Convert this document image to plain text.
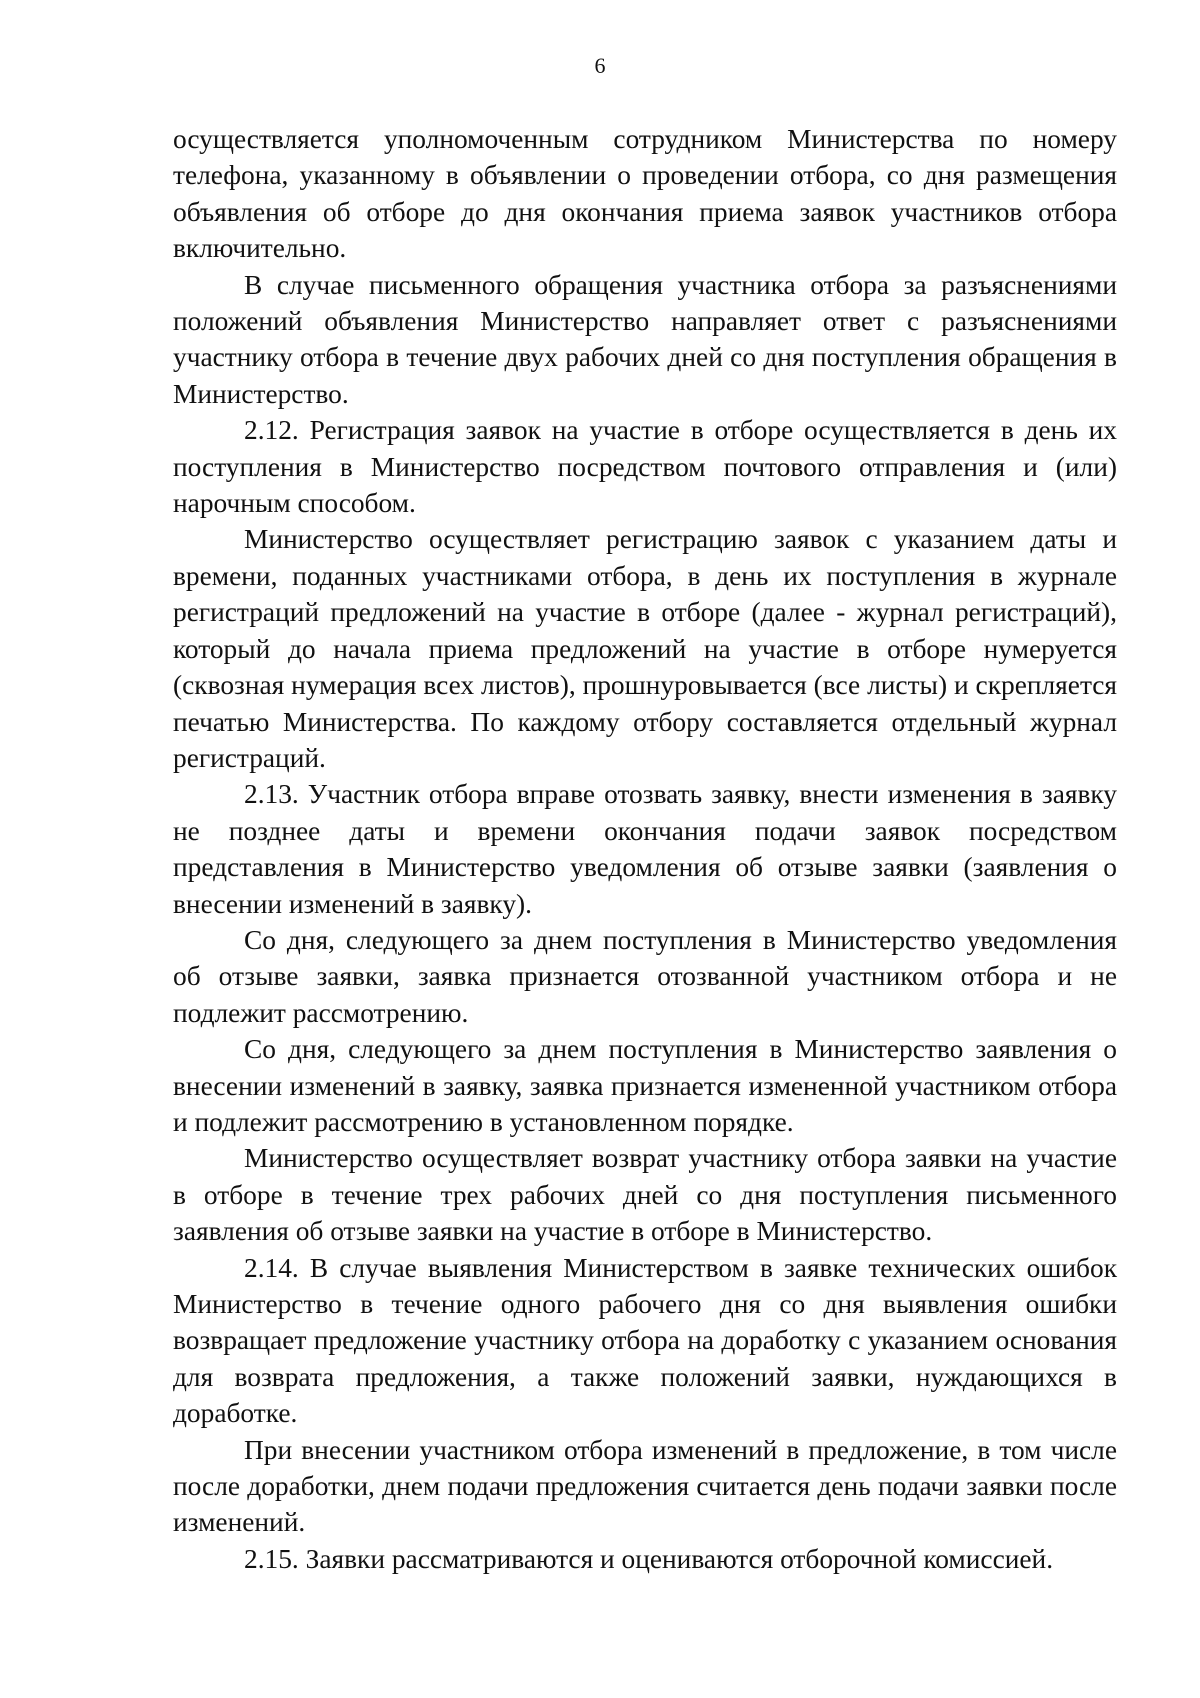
6

осуществляется уполномоченным сотрудником Министерства по номеру телефона, указанному в объявлении о проведении отбора, со дня размещения объявления об отборе до дня окончания приема заявок участников отбора включительно.

В случае письменного обращения участника отбора за разъяснениями положений объявления Министерство направляет ответ с разъяснениями участнику отбора в течение двух рабочих дней со дня поступления обращения в Министерство.

2.12. Регистрация заявок на участие в отборе осуществляется в день их поступления в Министерство посредством почтового отправления и (или) нарочным способом.

Министерство осуществляет регистрацию заявок с указанием даты и времени, поданных участниками отбора, в день их поступления в журнале регистраций предложений на участие в отборе (далее - журнал регистраций), который до начала приема предложений на участие в отборе нумеруется (сквозная нумерация всех листов), прошнуровывается (все листы) и скрепляется печатью Министерства. По каждому отбору составляется отдельный журнал регистраций.

2.13. Участник отбора вправе отозвать заявку, внести изменения в заявку не позднее даты и времени окончания подачи заявок посредством представления в Министерство уведомления об отзыве заявки (заявления о внесении изменений в заявку).

Со дня, следующего за днем поступления в Министерство уведомления об отзыве заявки, заявка признается отозванной участником отбора и не подлежит рассмотрению.

Со дня, следующего за днем поступления в Министерство заявления о внесении изменений в заявку, заявка признается измененной участником отбора и подлежит рассмотрению в установленном порядке.

Министерство осуществляет возврат участнику отбора заявки на участие в отборе в течение трех рабочих дней со дня поступления письменного заявления об отзыве заявки на участие в отборе в Министерство.

2.14. В случае выявления Министерством в заявке технических ошибок Министерство в течение одного рабочего дня со дня выявления ошибки возвращает предложение участнику отбора на доработку с указанием основания для возврата предложения, а также положений заявки, нуждающихся в доработке.

При внесении участником отбора изменений в предложение, в том числе после доработки, днем подачи предложения считается день подачи заявки после изменений.

2.15. Заявки рассматриваются и оцениваются отборочной комиссией.
